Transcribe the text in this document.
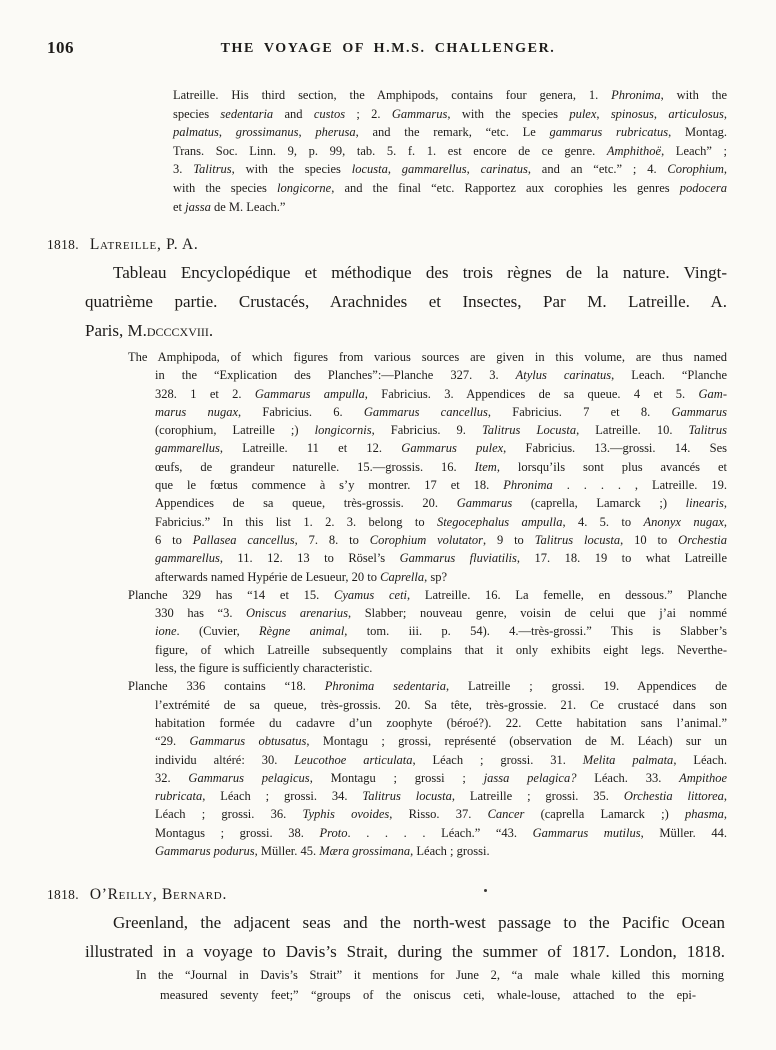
106	THE VOYAGE OF H.M.S. CHALLENGER.
Latreille. His third section, the Amphipods, contains four genera, 1. Phronima, with the
species sedentaria and custos ; 2. Gammarus, with the species pulex, spinosus, articulosus,
palmatus, grossimanus, pherusa, and the remark, “etc. Le gammarus rubricatus, Montag.
Trans. Soc. Linn. 9, p. 99, tab. 5. f. 1. est encore de ce genre. Amphithoë, Leach” ;
3. Talitrus, with the species locusta, gammarellus, carinatus, and an “etc.” ; 4. Corophium,
with the species longicorne, and the final “etc. Rapportez aux corophies les genres podocera
et jassa de M. Leach.”
1818. Latreille, P. A.
Tableau Encyclopédique et méthodique des trois règnes de la nature. Vingt-
quatrième partie. Crustacés, Arachnides et Insectes, Par M. Latreille. A.
Paris, M.dcccxviii.
The Amphipoda, of which figures from various sources are given in this volume, are thus named
in the “Explication des Planches”:—Planche 327. 3. Atylus carinatus, Leach. “Planche
328. 1 et 2. Gammarus ampulla, Fabricius. 3. Appendices de sa queue. 4 et 5. Gam-
marus nugax, Fabricius. 6. Gammarus cancellus, Fabricius. 7 et 8. Gammarus
(corophium, Latreille ;) longicornis, Fabricius. 9. Talitrus Locusta, Latreille. 10. Talitrus
gammarellus, Latreille. 11 et 12. Gammarus pulex, Fabricius. 13.—grossi. 14. Ses
œufs, de grandeur naturelle. 15.—grossis. 16. Item, lorsqu’ils sont plus avancés et
que le fœtus commence à s’y montrer. 17 et 18. Phronima . . . . , Latreille. 19.
Appendices de sa queue, très-grossis. 20. Gammarus (caprella, Lamarck ;) linearis,
Fabricius.” In this list 1. 2. 3. belong to Stegocephalus ampulla, 4. 5. to Anonyx nugax,
6 to Pallasea cancellus, 7. 8. to Corophium volutator, 9 to Talitrus locusta, 10 to Orchestia
gammarellus, 11. 12. 13 to Rösel’s Gammarus fluviatilis, 17. 18. 19 to what Latreille
afterwards named Hypérie de Lesueur, 20 to Caprella, sp?
Planche 329 has “14 et 15. Cyamus ceti, Latreille. 16. La femelle, en dessous.” Planche
330 has “3. Oniscus arenarius, Slabber; nouveau genre, voisin de celui que j’ai nommé
ione. (Cuvier, Règne animal, tom. iii. p. 54). 4.—très-grossi.” This is Slabber’s
figure, of which Latreille subsequently complains that it only exhibits eight legs. Neverthe-
less, the figure is sufficiently characteristic.
Planche 336 contains “18. Phronima sedentaria, Latreille ; grossi. 19. Appendices de
l’extrémité de sa queue, très-grossis. 20. Sa tête, très-grossie. 21. Ce crustacé dans son
habitation formée du cadavre d’un zoophyte (béroé?). 22. Cette habitation sans l’animal.”
“29. Gammarus obtusatus, Montagu ; grossi, représenté (observation de M. Léach) sur un
individu altéré: 30. Leucothoe articulata, Léach ; grossi. 31. Melita palmata, Léach.
32. Gammarus pelagicus, Montagu ; grossi ; jassa pelagica? Léach. 33. Ampithoe
rubricata, Léach ; grossi. 34. Talitrus locusta, Latreille ; grossi. 35. Orchestia littorea,
Léach ; grossi. 36. Typhis ovoides, Risso. 37. Cancer (caprella Lamarck ;) phasma,
Montagus ; grossi. 38. Proto. . . . . Léach.” “43. Gammarus mutilus, Müller. 44.
Gammarus podurus, Müller. 45. Mæra grossimana, Léach ; grossi.
1818. O’Reilly, Bernard.
Greenland, the adjacent seas and the north-west passage to the Pacific Ocean
illustrated in a voyage to Davis’s Strait, during the summer of 1817. London, 1818.
In the “Journal in Davis’s Strait” it mentions for June 2, “a male whale killed this morning
measured seventy feet;” “groups of the oniscus ceti, whale-louse, attached to the epi-
